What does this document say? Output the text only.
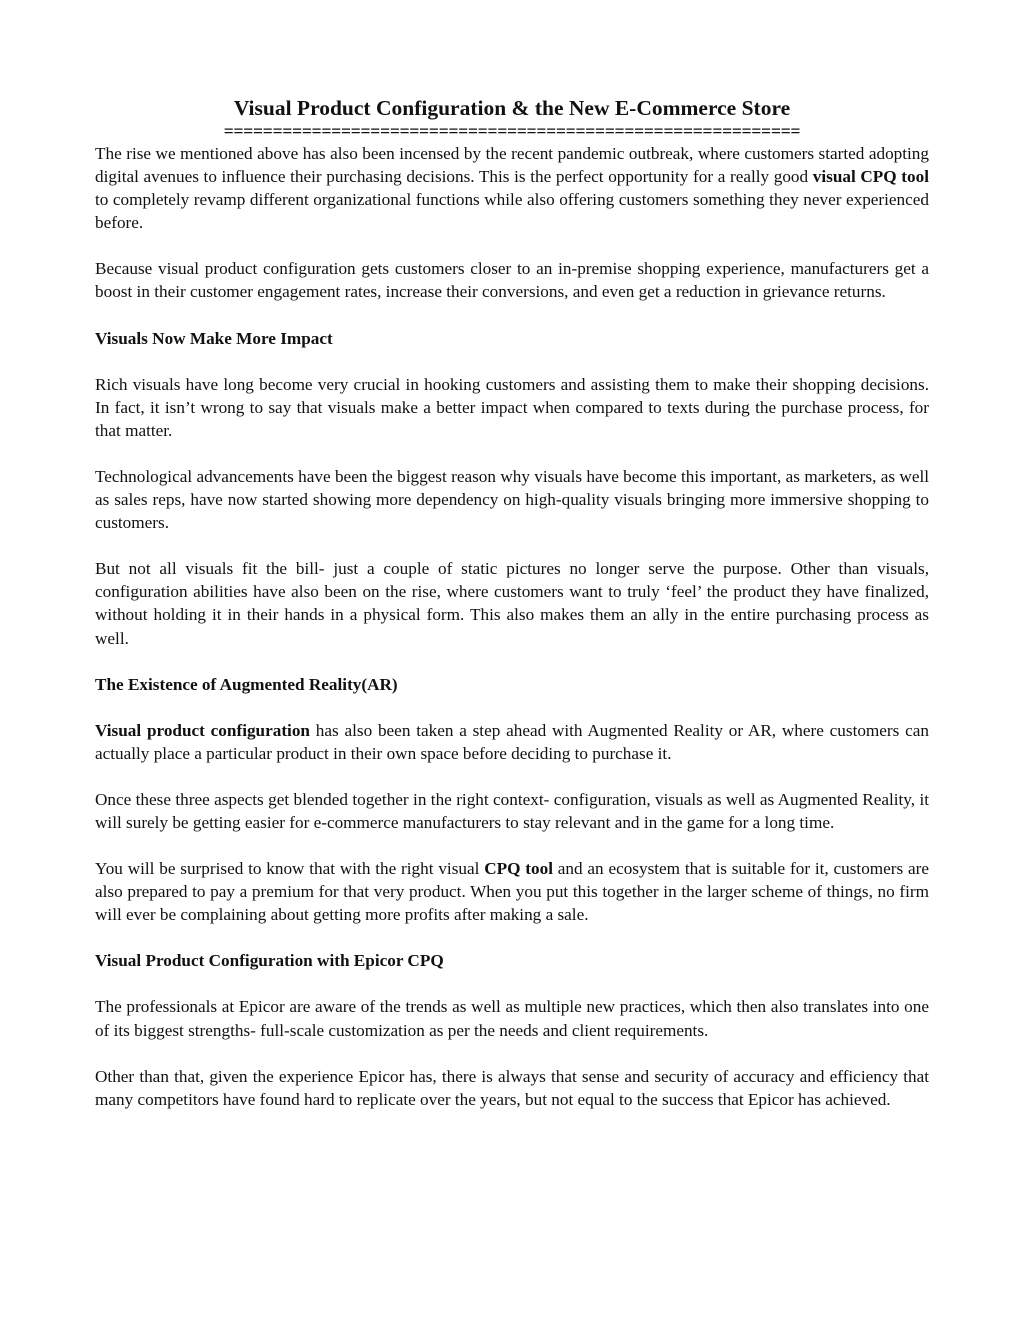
Visual Product Configuration & the New E-Commerce Store
===========================================================

The rise we mentioned above has also been incensed by the recent pandemic outbreak, where customers started adopting digital avenues to influence their purchasing decisions. This is the perfect opportunity for a really good visual CPQ tool to completely revamp different organizational functions while also offering customers something they never experienced before.

Because visual product configuration gets customers closer to an in-premise shopping experience, manufacturers get a boost in their customer engagement rates, increase their conversions, and even get a reduction in grievance returns.

Visuals Now Make More Impact

Rich visuals have long become very crucial in hooking customers and assisting them to make their shopping decisions. In fact, it isn’t wrong to say that visuals make a better impact when compared to texts during the purchase process, for that matter.

Technological advancements have been the biggest reason why visuals have become this important, as marketers, as well as sales reps, have now started showing more dependency on high-quality visuals bringing more immersive shopping to customers.

But not all visuals fit the bill- just a couple of static pictures no longer serve the purpose. Other than visuals, configuration abilities have also been on the rise, where customers want to truly ‘feel’ the product they have finalized, without holding it in their hands in a physical form. This also makes them an ally in the entire purchasing process as well.

The Existence of Augmented Reality(AR)

Visual product configuration has also been taken a step ahead with Augmented Reality or AR, where customers can actually place a particular product in their own space before deciding to purchase it.

Once these three aspects get blended together in the right context- configuration, visuals as well as Augmented Reality, it will surely be getting easier for e-commerce manufacturers to stay relevant and in the game for a long time.

You will be surprised to know that with the right visual CPQ tool and an ecosystem that is suitable for it, customers are also prepared to pay a premium for that very product. When you put this together in the larger scheme of things, no firm will ever be complaining about getting more profits after making a sale.

Visual Product Configuration with Epicor CPQ

The professionals at Epicor are aware of the trends as well as multiple new practices, which then also translates into one of its biggest strengths- full-scale customization as per the needs and client requirements.

Other than that, given the experience Epicor has, there is always that sense and security of accuracy and efficiency that many competitors have found hard to replicate over the years, but not equal to the success that Epicor has achieved.
